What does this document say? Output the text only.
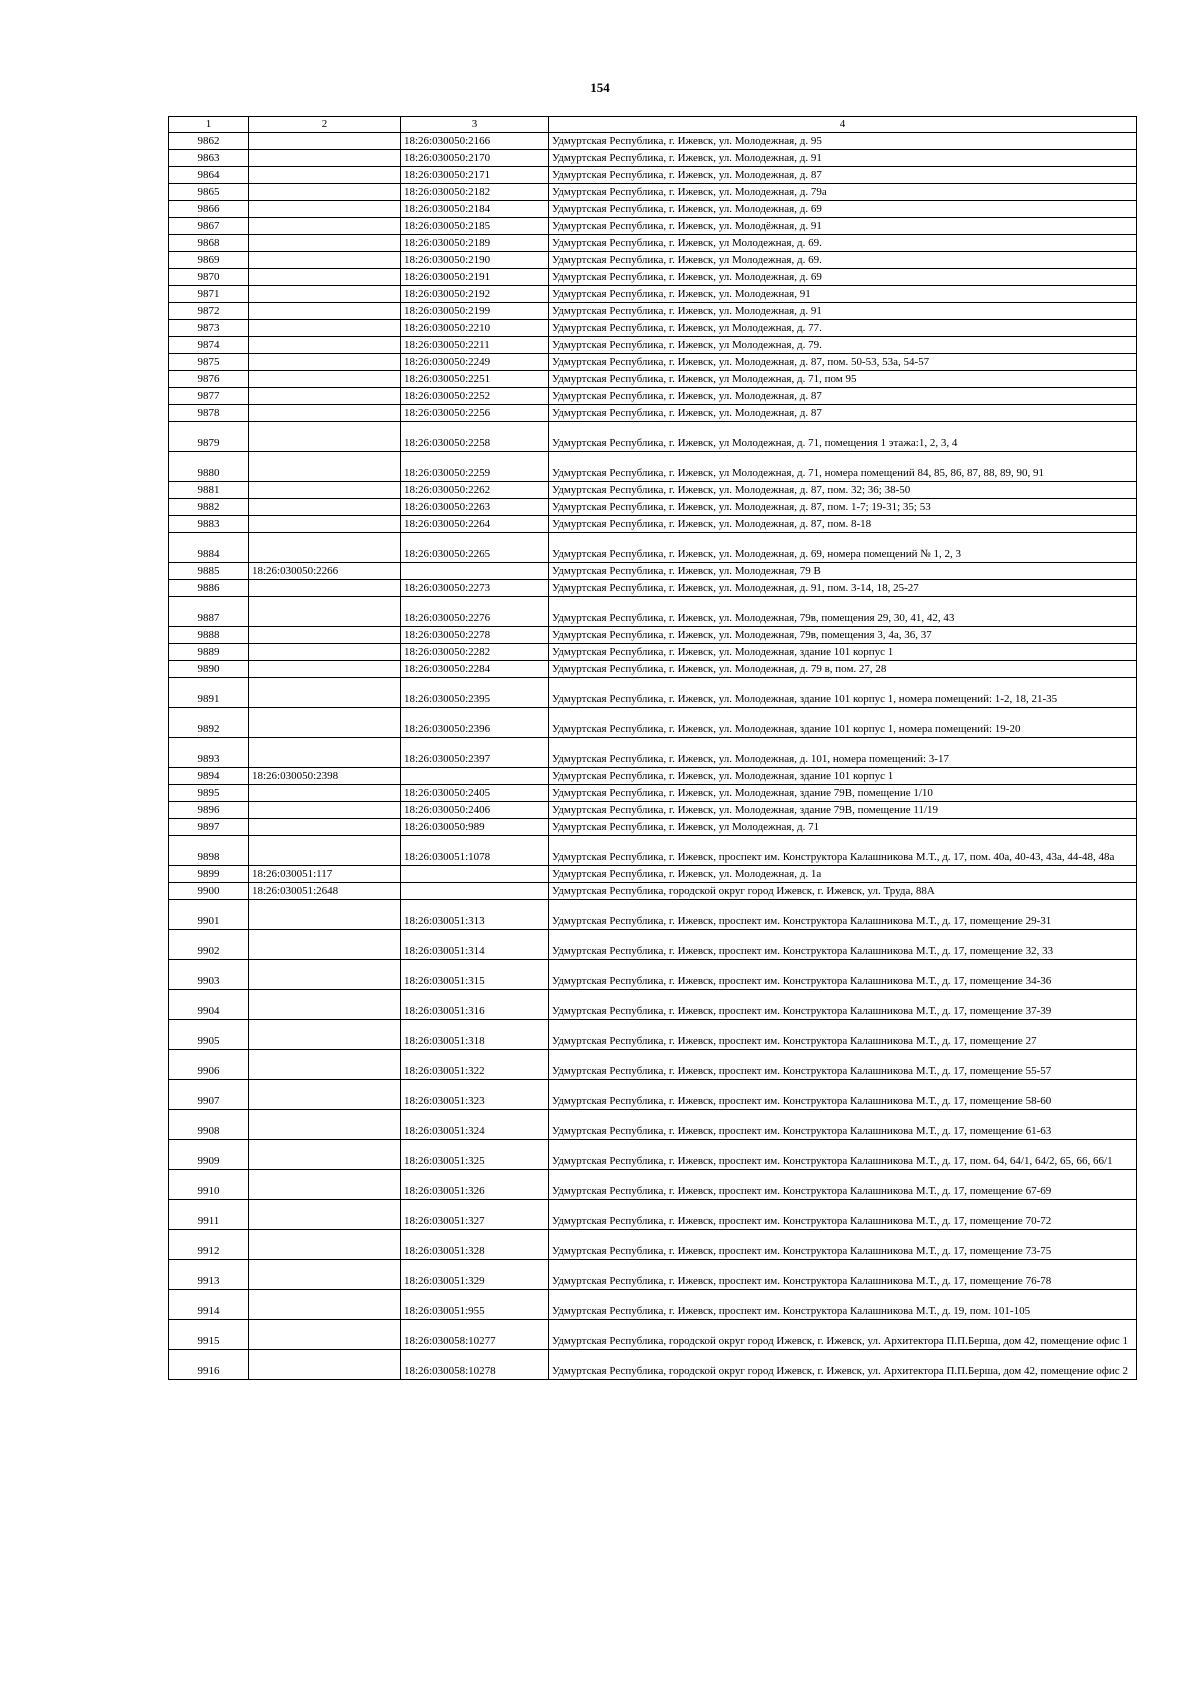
154
1	2	3	4
9862		18:26:030050:2166	Удмуртская Республика, г. Ижевск, ул. Молодежная, д. 95
9863		18:26:030050:2170	Удмуртская Республика, г. Ижевск, ул. Молодежная, д. 91
9864		18:26:030050:2171	Удмуртская Республика, г. Ижевск, ул. Молодежная, д. 87
9865		18:26:030050:2182	Удмуртская Республика, г. Ижевск, ул. Молодежная, д. 79а
9866		18:26:030050:2184	Удмуртская Республика, г. Ижевск, ул. Молодежная, д. 69
9867		18:26:030050:2185	Удмуртская Республика, г. Ижевск, ул. Молодёжная, д. 91
9868		18:26:030050:2189	Удмуртская Республика, г. Ижевск, ул Молодежная, д. 69.
9869		18:26:030050:2190	Удмуртская Республика, г. Ижевск, ул Молодежная, д. 69.
9870		18:26:030050:2191	Удмуртская Республика, г. Ижевск, ул. Молодежная, д. 69
9871		18:26:030050:2192	Удмуртская Республика, г. Ижевск, ул. Молодежная, 91
9872		18:26:030050:2199	Удмуртская Республика, г. Ижевск, ул. Молодежная, д. 91
9873		18:26:030050:2210	Удмуртская Республика, г. Ижевск, ул Молодежная, д. 77.
9874		18:26:030050:2211	Удмуртская Республика, г. Ижевск, ул Молодежная, д. 79.
9875		18:26:030050:2249	Удмуртская Республика, г. Ижевск, ул. Молодежная, д. 87, пом. 50-53, 53а, 54-57
9876		18:26:030050:2251	Удмуртская Республика, г. Ижевск, ул Молодежная, д. 71, пом 95
9877		18:26:030050:2252	Удмуртская Республика, г. Ижевск, ул. Молодежная, д. 87
9878		18:26:030050:2256	Удмуртская Республика, г. Ижевск, ул. Молодежная, д. 87
9879		18:26:030050:2258	Удмуртская Республика, г. Ижевск, ул Молодежная, д. 71, помещения 1 этажа:1, 2, 3, 4
9880		18:26:030050:2259	Удмуртская Республика, г. Ижевск, ул Молодежная, д. 71, номера помещений 84, 85, 86, 87, 88, 89, 90, 91
9881		18:26:030050:2262	Удмуртская Республика, г. Ижевск, ул. Молодежная, д. 87, пом. 32; 36; 38-50
9882		18:26:030050:2263	Удмуртская Республика, г. Ижевск, ул. Молодежная, д. 87, пом. 1-7; 19-31; 35; 53
9883		18:26:030050:2264	Удмуртская Республика, г. Ижевск, ул. Молодежная, д. 87, пом. 8-18
9884		18:26:030050:2265	Удмуртская Республика, г. Ижевск, ул. Молодежная, д. 69, номера помещений № 1, 2, 3
9885	18:26:030050:2266		Удмуртская Республика, г. Ижевск, ул. Молодежная, 79 В
9886		18:26:030050:2273	Удмуртская Республика, г. Ижевск, ул. Молодежная, д. 91, пом. 3-14, 18, 25-27
9887		18:26:030050:2276	Удмуртская Республика, г. Ижевск, ул. Молодежная, 79в, помещения 29, 30, 41, 42, 43
9888		18:26:030050:2278	Удмуртская Республика, г. Ижевск, ул. Молодежная, 79в, помещения 3, 4а, 36, 37
9889		18:26:030050:2282	Удмуртская Республика, г. Ижевск, ул. Молодежная, здание 101 корпус 1
9890		18:26:030050:2284	Удмуртская Республика, г. Ижевск, ул. Молодежная, д. 79 в, пом. 27, 28
9891		18:26:030050:2395	Удмуртская Республика, г. Ижевск, ул. Молодежная, здание 101 корпус 1, номера помещений: 1-2, 18, 21-35
9892		18:26:030050:2396	Удмуртская Республика, г. Ижевск, ул. Молодежная, здание 101 корпус 1, номера помещений: 19-20
9893		18:26:030050:2397	Удмуртская Республика, г. Ижевск, ул. Молодежная, д. 101, номера помещений: 3-17
9894	18:26:030050:2398		Удмуртская Республика, г. Ижевск, ул. Молодежная, здание 101 корпус 1
9895		18:26:030050:2405	Удмуртская Республика, г. Ижевск, ул. Молодежная, здание 79В, помещение 1/10
9896		18:26:030050:2406	Удмуртская Республика, г. Ижевск, ул. Молодежная, здание 79В, помещение 11/19
9897		18:26:030050:989	Удмуртская Республика, г. Ижевск, ул Молодежная, д. 71
9898		18:26:030051:1078	Удмуртская Республика, г. Ижевск, проспект им. Конструктора Калашникова М.Т., д. 17, пом. 40а, 40-43, 43а, 44-48, 48а
9899	18:26:030051:117		Удмуртская Республика, г. Ижевск, ул. Молодежная, д. 1а
9900	18:26:030051:2648		Удмуртская Республика, городской округ город Ижевск, г. Ижевск, ул. Труда, 88А
9901		18:26:030051:313	Удмуртская Республика, г. Ижевск, проспект им. Конструктора Калашникова М.Т., д. 17, помещение 29-31
9902		18:26:030051:314	Удмуртская Республика, г. Ижевск, проспект им. Конструктора Калашникова М.Т., д. 17, помещение 32, 33
9903		18:26:030051:315	Удмуртская Республика, г. Ижевск, проспект им. Конструктора Калашникова М.Т., д. 17, помещение 34-36
9904		18:26:030051:316	Удмуртская Республика, г. Ижевск, проспект им. Конструктора Калашникова М.Т., д. 17, помещение 37-39
9905		18:26:030051:318	Удмуртская Республика, г. Ижевск, проспект им. Конструктора Калашникова М.Т., д. 17, помещение 27
9906		18:26:030051:322	Удмуртская Республика, г. Ижевск, проспект им. Конструктора Калашникова М.Т., д. 17, помещение 55-57
9907		18:26:030051:323	Удмуртская Республика, г. Ижевск, проспект им. Конструктора Калашникова М.Т., д. 17, помещение 58-60
9908		18:26:030051:324	Удмуртская Республика, г. Ижевск, проспект им. Конструктора Калашникова М.Т., д. 17, помещение 61-63
9909		18:26:030051:325	Удмуртская Республика, г. Ижевск, проспект им. Конструктора Калашникова М.Т., д. 17, пом. 64, 64/1, 64/2, 65, 66, 66/1
9910		18:26:030051:326	Удмуртская Республика, г. Ижевск, проспект им. Конструктора Калашникова М.Т., д. 17, помещение 67-69
9911		18:26:030051:327	Удмуртская Республика, г. Ижевск, проспект им. Конструктора Калашникова М.Т., д. 17, помещение 70-72
9912		18:26:030051:328	Удмуртская Республика, г. Ижевск, проспект им. Конструктора Калашникова М.Т., д. 17, помещение 73-75
9913		18:26:030051:329	Удмуртская Республика, г. Ижевск, проспект им. Конструктора Калашникова М.Т., д. 17, помещение 76-78
9914		18:26:030051:955	Удмуртская Республика, г. Ижевск, проспект им. Конструктора Калашникова М.Т., д. 19, пом. 101-105
9915		18:26:030058:10277	Удмуртская Республика, городской округ город Ижевск, г. Ижевск, ул. Архитектора П.П.Берша, дом 42, помещение офис 1
9916		18:26:030058:10278	Удмуртская Республика, городской округ город Ижевск, г. Ижевск, ул. Архитектора П.П.Берша, дом 42, помещение офис 2
